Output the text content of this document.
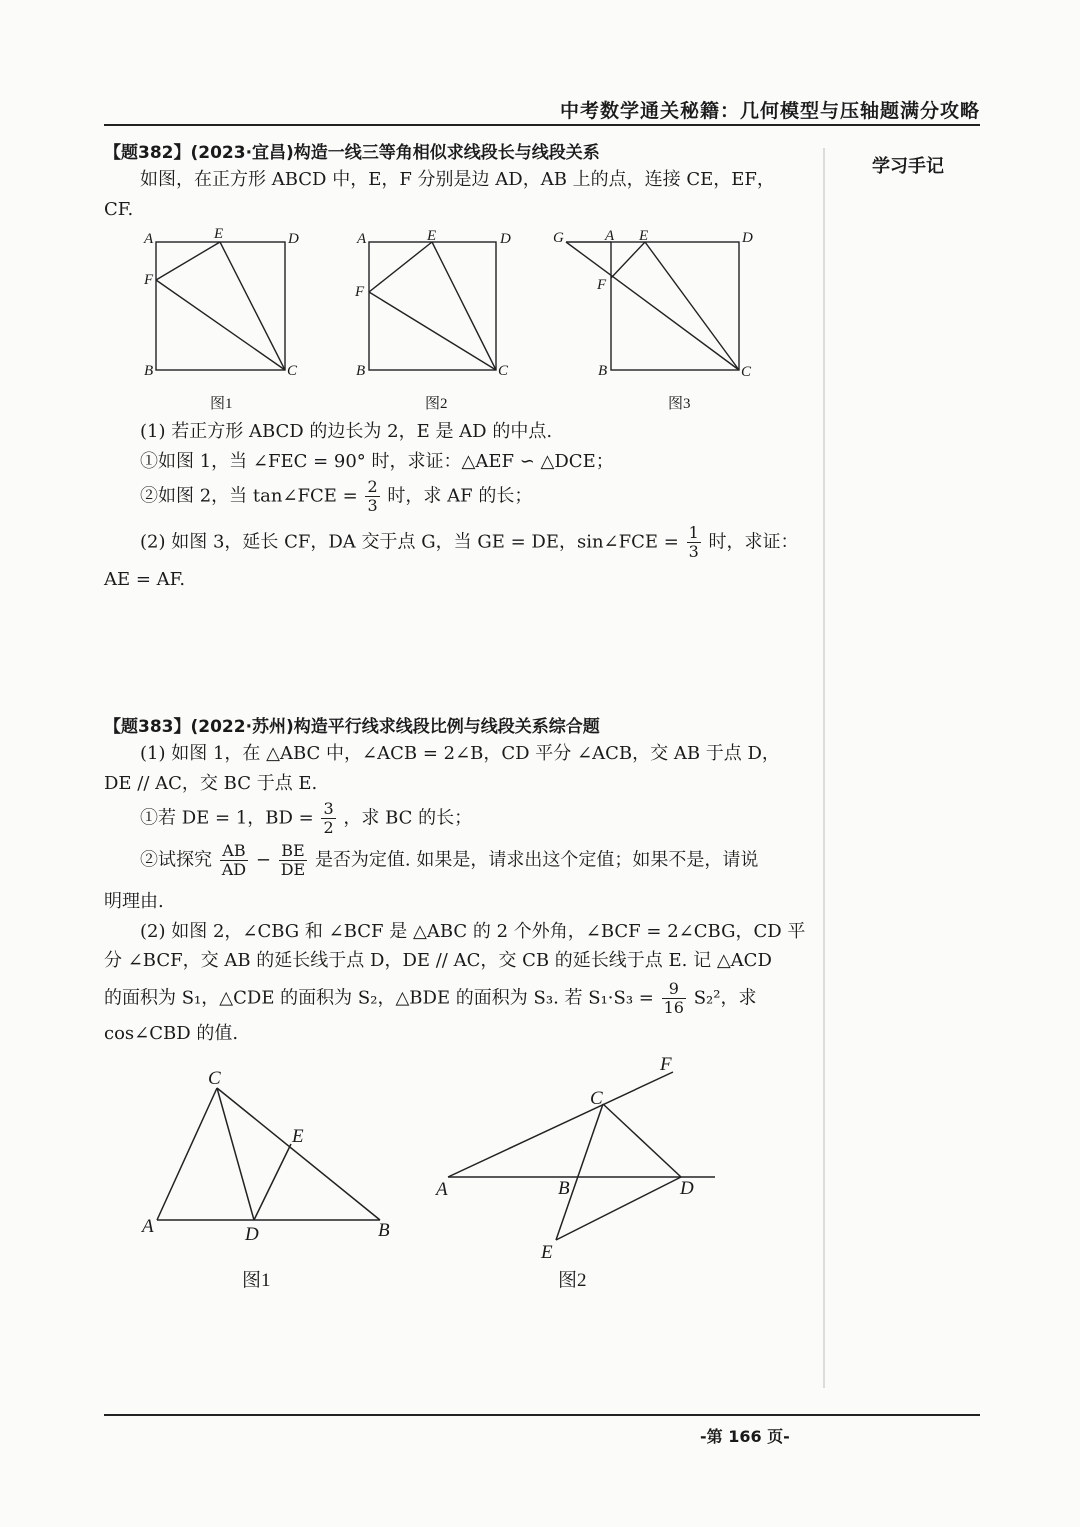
中考数学通关秘籍：几何模型与压轴题满分攻略
学习手记
【题382】(2023·宜昌)构造一线三等角相似求线段长与线段关系
如图，在正方形 ABCD 中，E，F 分别是边 AD，AB 上的点，连接 CE，EF，
CF.
A	E	D
F
B	C
图1
A	E	D
F
B	C
图2
G	A E	D
F
B	C
图3
(1) 若正方形 ABCD 的边长为 2，E 是 AD 的中点.
①如图 1，当 ∠FEC = 90° 时，求证：△AEF ∽ △DCE；
②如图 2，当 tan∠FCE = $\frac{2}{3}$ 时，求 AF 的长；
(2) 如图 3，延长 CF，DA 交于点 G，当 GE = DE，sin∠FCE = $\frac{1}{3}$ 时，求证：
AE = AF.
【题383】(2022·苏州)构造平行线求线段比例与线段关系综合题
(1) 如图 1，在 △ABC 中，∠ACB = 2∠B，CD 平分 ∠ACB，交 AB 于点 D，
DE // AC，交 BC 于点 E.
①若 DE = 1，BD = $\frac{3}{2}$ ，求 BC 的长；
②试探究 $\frac{AB}{AD} - \frac{BE}{DE}$ 是否为定值. 如果是，请求出这个定值；如果不是，请说
明理由.
(2) 如图 2，∠CBG 和 ∠BCF 是 △ABC 的 2 个外角，∠BCF = 2∠CBG，CD 平
分 ∠BCF，交 AB 的延长线于点 D，DE // AC，交 CB 的延长线于点 E. 记 △ACD
的面积为 S₁，△CDE 的面积为 S₂，△BDE 的面积为 S₃. 若 $S_1\cdot S_3 = \frac{9}{16} S_2^2$，求
cos∠CBD 的值.
C
E
A	D	B
图1
F
C
A	B	D
E
图2
-第 166 页-
